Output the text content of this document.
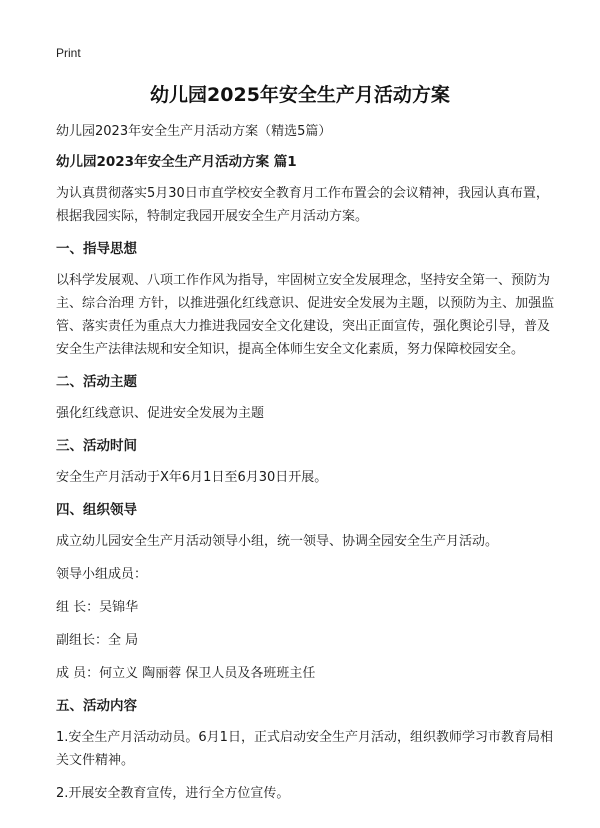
Print
幼儿园2025年安全生产月活动方案

幼儿园2023年安全生产月活动方案（精选5篇）

幼儿园2023年安全生产月活动方案 篇1

为认真贯彻落实5月30日市直学校安全教育月工作布置会的会议精神，我园认真布置，根据我园实际，特制定我园开展安全生产月活动方案。

一、指导思想

以科学发展观、八项工作作风为指导，牢固树立安全发展理念，坚持安全第一、预防为主、综合治理 方针，以推进强化红线意识、促进安全发展为主题，以预防为主、加强监管、落实责任为重点大力推进我园安全文化建设，突出正面宣传，强化舆论引导，普及安全生产法律法规和安全知识，提高全体师生安全文化素质，努力保障校园安全。

二、活动主题

强化红线意识、促进安全发展为主题

三、活动时间

安全生产月活动于X年6月1日至6月30日开展。

四、组织领导

成立幼儿园安全生产月活动领导小组，统一领导、协调全园安全生产月活动。

领导小组成员：

组 长：吴锦华

副组长：全 局

成 员：何立义 陶丽蓉 保卫人员及各班班主任

五、活动内容

1.安全生产月活动动员。6月1日，正式启动安全生产月活动，组织教师学习市教育局相关文件精神。

2.开展安全教育宣传，进行全方位宣传。
